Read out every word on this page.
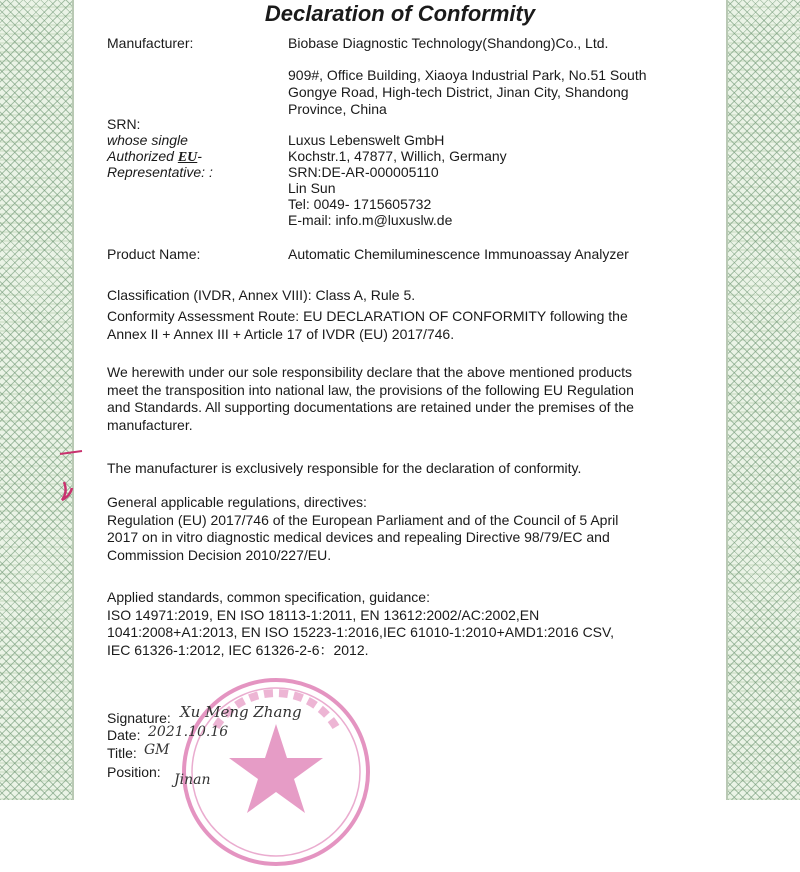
Declaration of Conformity
Manufacturer:	Biobase Diagnostic Technology(Shandong)Co., Ltd.
909#, Office Building, Xiaoya Industrial Park, No.51 South
Gongye Road, High-tech District, Jinan City, Shandong
Province, China
SRN:
whose single
Authorized EU-
Representative: :
Luxus Lebenswelt GmbH
Kochstr.1, 47877, Willich, Germany
SRN:DE-AR-000005110
Lin Sun
Tel: 0049- 1715605732
E-mail: info.m@luxuslw.de
Product Name:	Automatic Chemiluminescence Immunoassay Analyzer
Classification (IVDR, Annex VIII): Class A, Rule 5.
Conformity Assessment Route: EU DECLARATION OF CONFORMITY following the
Annex II + Annex III + Article 17 of IVDR (EU) 2017/746.
We herewith under our sole responsibility declare that the above mentioned products
meet the transposition into national law, the provisions of the following EU Regulation
and Standards. All supporting documentations are retained under the premises of the
manufacturer.
The manufacturer is exclusively responsible for the declaration of conformity.
General applicable regulations, directives:
Regulation (EU) 2017/746 of the European Parliament and of the Council of 5 April
2017 on in vitro diagnostic medical devices and repealing Directive 98/79/EC and
Commission Decision 2010/227/EU.
Applied standards, common specification, guidance:
ISO 14971:2019, EN ISO 18113-1:2011, EN 13612:2002/AC:2002,EN
1041:2008+A1:2013, EN ISO 15223-1:2016,IEC 61010-1:2010+AMD1:2016 CSV,
IEC 61326-1:2012, IEC 61326-2-6：2012.
Signature: Xu Meng Zhang
Date: 2021.10.16
Title: GM
Position: Jinan
